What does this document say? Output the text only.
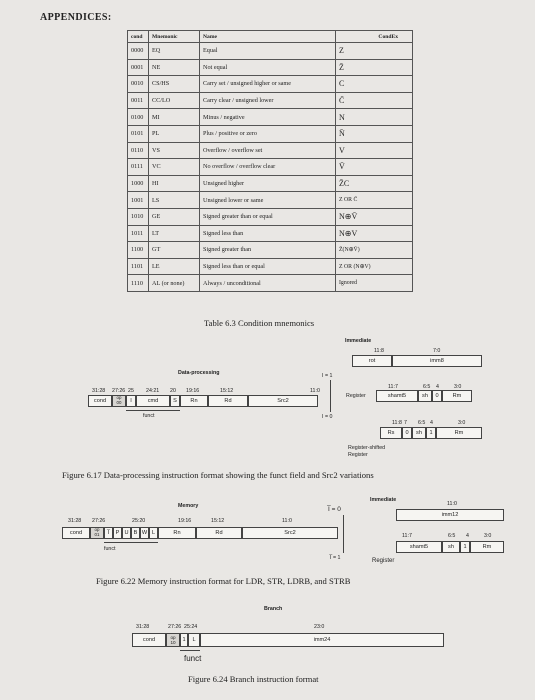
APPENDICES:
cond	Mnemonic	Name	CondEx
0000	EQ	Equal	Z
0001	NE	Not equal	Z̄
0010	CS/HS	Carry set / unsigned higher or same	C
0011	CC/LO	Carry clear / unsigned lower	C̄
0100	MI	Minus / negative	N
0101	PL	Plus / positive or zero	N̄
0110	VS	Overflow / overflow set	V
0111	VC	No overflow / overflow clear	V̄
1000	HI	Unsigned higher	Z̄C
1001	LS	Unsigned lower or same	Z OR C̄
1010	GE	Signed greater than or equal	N⊕V̄
1011	LT	Signed less than	N⊕V
1100	GT	Signed greater than	Z̄(N⊕V̄)
1101	LE	Signed less than or equal	Z OR (N⊕V)
1110	AL (or none)	Always / unconditional	Ignored
Table 6.3 Condition mnemonics
Data-processing
31:28 27:26 25 24:21 20 19:16	15:12	11:0
cond
op
00	I	cmd	S	Rn	Rd	Src2
funct
I = 1
I = 0
Immediate
11:8	7:0
rot	imm8
11:7	6:5 4	3:0
Register	shamt5	sh	0	Rm
11:8 7 6:5 4	3:0
Rs	0	sh	1	Rm
Register-shifted
Register
Figure 6.17 Data-processing instruction format showing the funct field and Src2 variations
Memory
31:28 27:26	25:20	19:16	15:12	11:0
cond
op
01	I̅	P U B W L	Rn	Rd	Src2
funct
I̅ = 0
I̅ = 1
Immediate
11:0
imm12
11:7	6:5 4	3:0
shamt5	sh	1	Rm
Register
Figure 6.22 Memory instruction format for LDR, STR, LDRB, and STRB
Branch
31:28	27:26 25:24	23:0
cond	op
10	1	L	imm24
funct
Figure 6.24 Branch instruction format
